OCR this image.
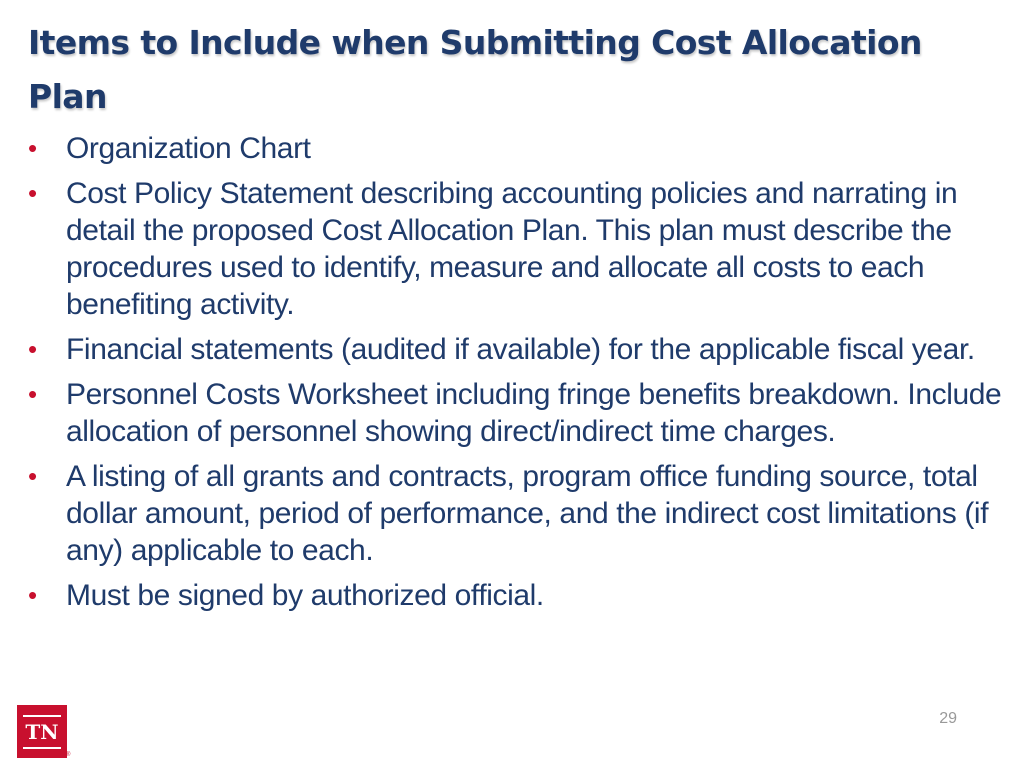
Items to Include when Submitting Cost Allocation Plan
• Organization Chart
• Cost Policy Statement describing accounting policies and narrating in detail the proposed Cost Allocation Plan. This plan must describe the procedures used to identify, measure and allocate all costs to each benefiting activity.
• Financial statements (audited if available) for the applicable fiscal year.
• Personnel Costs Worksheet including fringe benefits breakdown. Include allocation of personnel showing direct/indirect time charges.
• A listing of all grants and contracts, program office funding source, total dollar amount, period of performance, and the indirect cost limitations (if any) applicable to each.
• Must be signed by authorized official.
TN
®
29
